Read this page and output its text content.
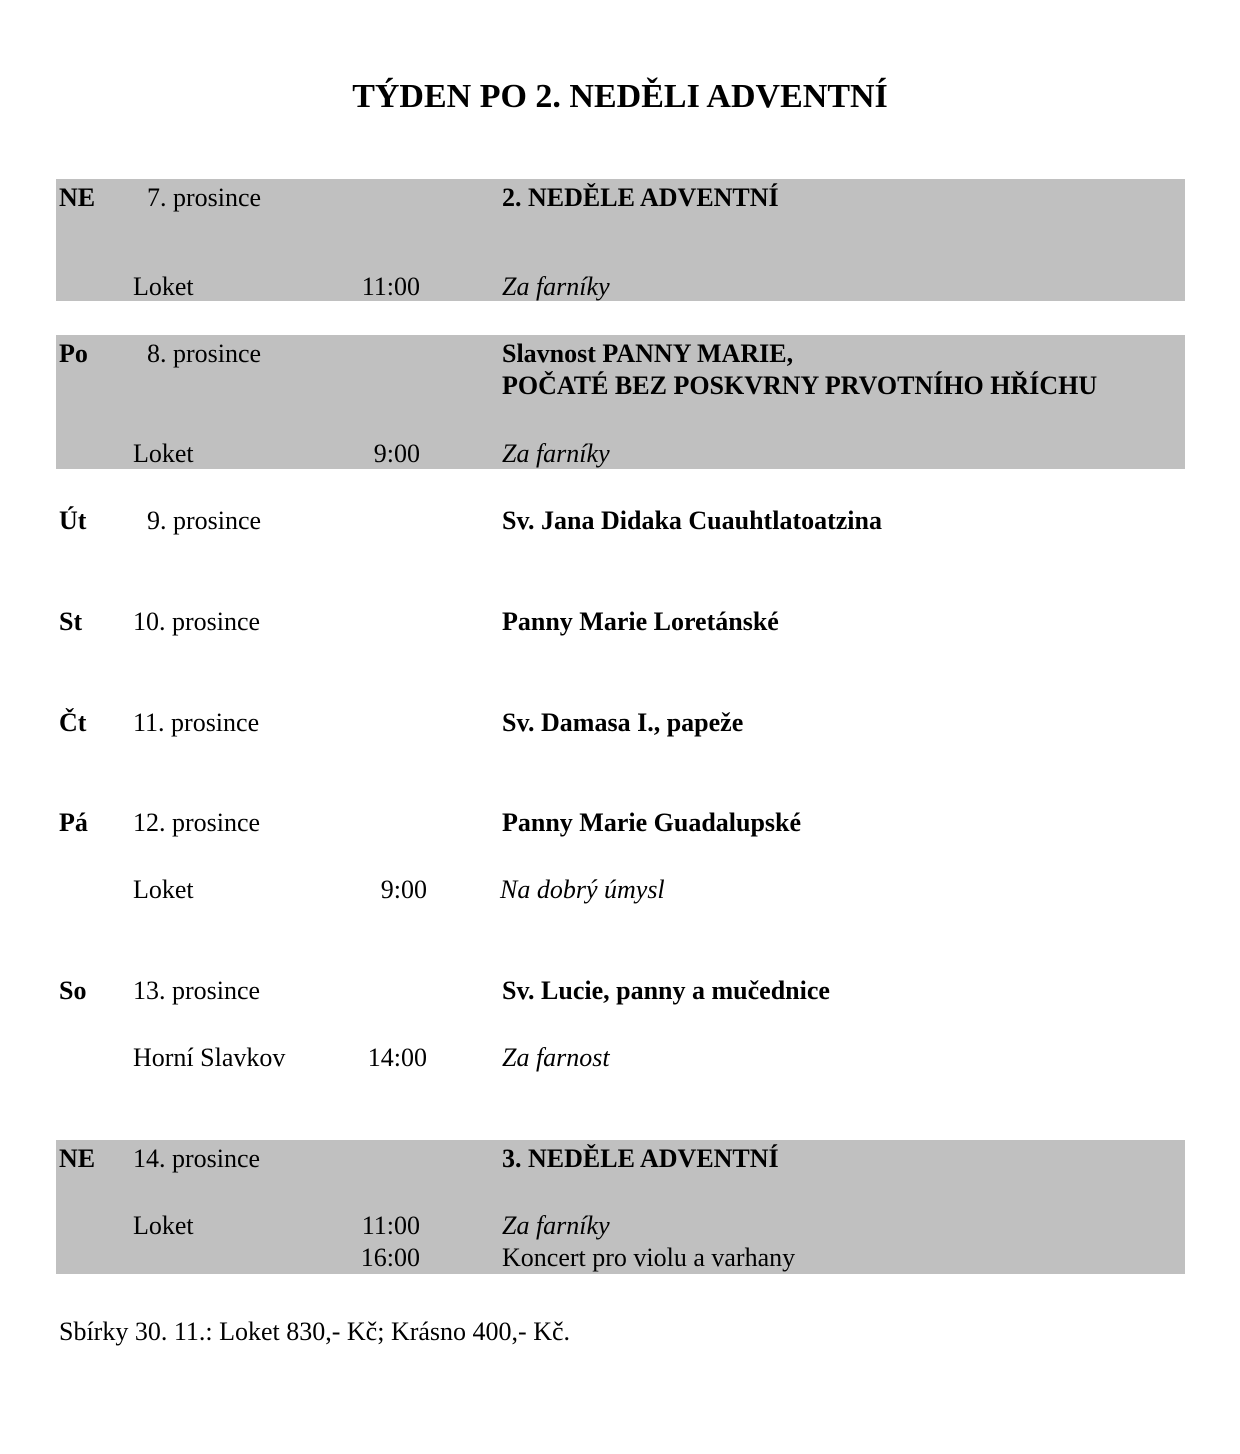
TÝDEN PO 2. NEDĚLI ADVENTNÍ
NE 7. prosince	2. NEDĚLE ADVENTNÍ
Loket	11:00	Za farníky
Po 8. prosince	Slavnost PANNY MARIE,
POČATÉ BEZ POSKVRNY PRVOTNÍHO HŘÍCHU
Loket	9:00	Za farníky
Út 9. prosince	Sv. Jana Didaka Cuauhtlatoatzina
St 10. prosince	Panny Marie Loretánské
Čt 11. prosince	Sv. Damasa I., papeže
Pá 12. prosince	Panny Marie Guadalupské
Loket	9:00	Na dobrý úmysl
So 13. prosince	Sv. Lucie, panny a mučednice
Horní Slavkov	14:00	Za farnost
NE 14. prosince	3. NEDĚLE ADVENTNÍ
Loket	11:00	Za farníky
16:00	Koncert pro violu a varhany
Sbírky 30. 11.: Loket 830,- Kč; Krásno 400,- Kč.
